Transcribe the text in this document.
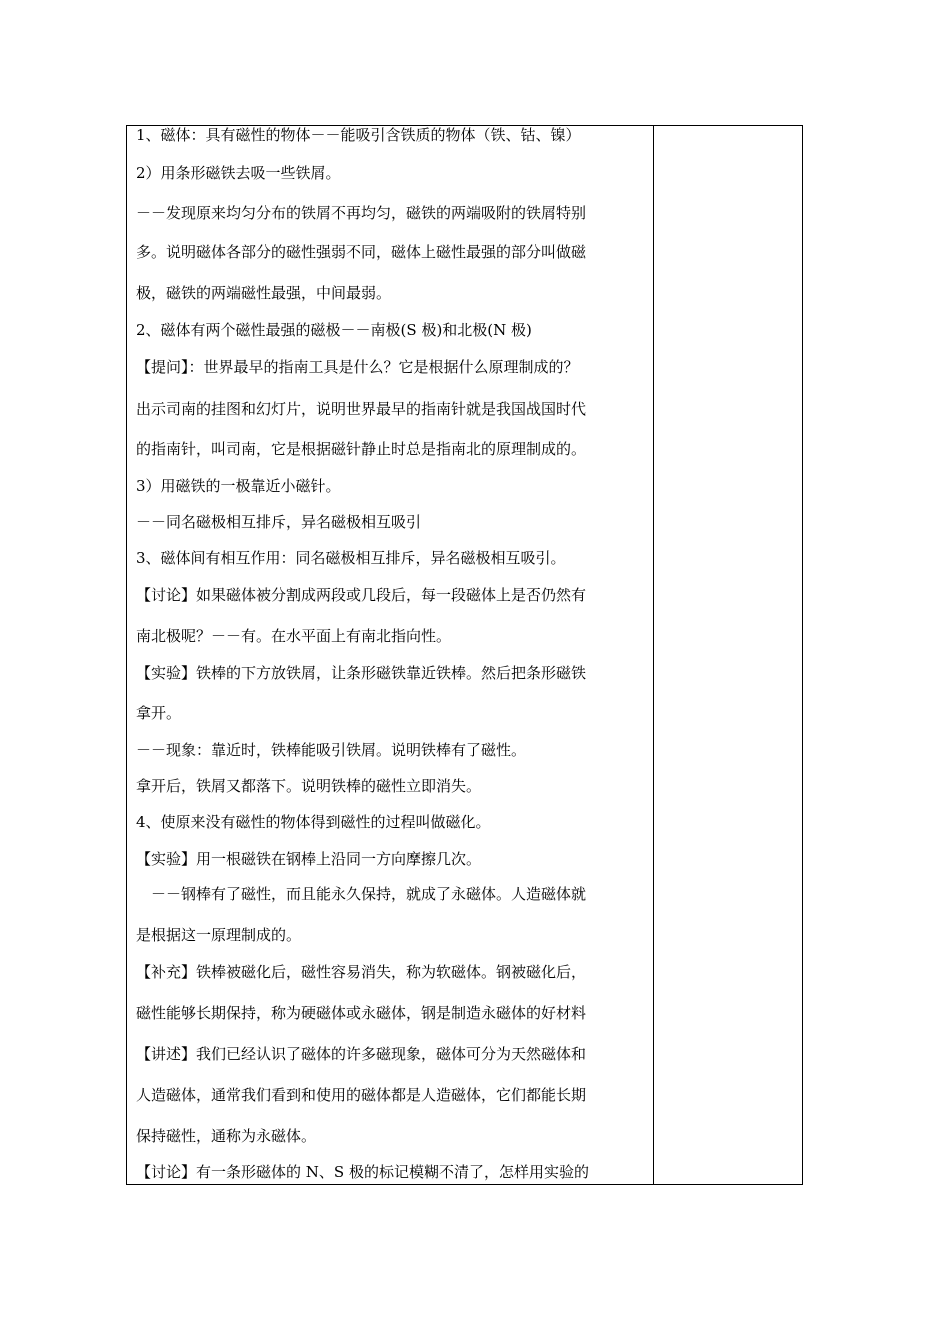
1、磁体：具有磁性的物体－－能吸引含铁质的物体（铁、钴、镍）
2）用条形磁铁去吸一些铁屑。
－－发现原来均匀分布的铁屑不再均匀，磁铁的两端吸附的铁屑特别
多。说明磁体各部分的磁性强弱不同，磁体上磁性最强的部分叫做磁
极，磁铁的两端磁性最强，中间最弱。
2、磁体有两个磁性最强的磁极－－南极(S 极)和北极(N 极)
【提问】：世界最早的指南工具是什么？它是根据什么原理制成的？
出示司南的挂图和幻灯片，说明世界最早的指南针就是我国战国时代
的指南针，叫司南，它是根据磁针静止时总是指南北的原理制成的。
3）用磁铁的一极靠近小磁针。
－－同名磁极相互排斥，异名磁极相互吸引
3、磁体间有相互作用：同名磁极相互排斥，异名磁极相互吸引。
【讨论】如果磁体被分割成两段或几段后，每一段磁体上是否仍然有
南北极呢？－－有。在水平面上有南北指向性。
【实验】铁棒的下方放铁屑，让条形磁铁靠近铁棒。然后把条形磁铁
拿开。
－－现象：靠近时，铁棒能吸引铁屑。说明铁棒有了磁性。
拿开后，铁屑又都落下。说明铁棒的磁性立即消失。
4、使原来没有磁性的物体得到磁性的过程叫做磁化。
【实验】用一根磁铁在钢棒上沿同一方向摩擦几次。
　－－钢棒有了磁性，而且能永久保持，就成了永磁体。人造磁体就
是根据这一原理制成的。
【补充】铁棒被磁化后，磁性容易消失，称为软磁体。钢被磁化后，
磁性能够长期保持，称为硬磁体或永磁体，钢是制造永磁体的好材料
【讲述】我们已经认识了磁体的许多磁现象，磁体可分为天然磁体和
人造磁体，通常我们看到和使用的磁体都是人造磁体，它们都能长期
保持磁性，通称为永磁体。
【讨论】有一条形磁体的 N、S 极的标记模糊不清了，怎样用实验的
